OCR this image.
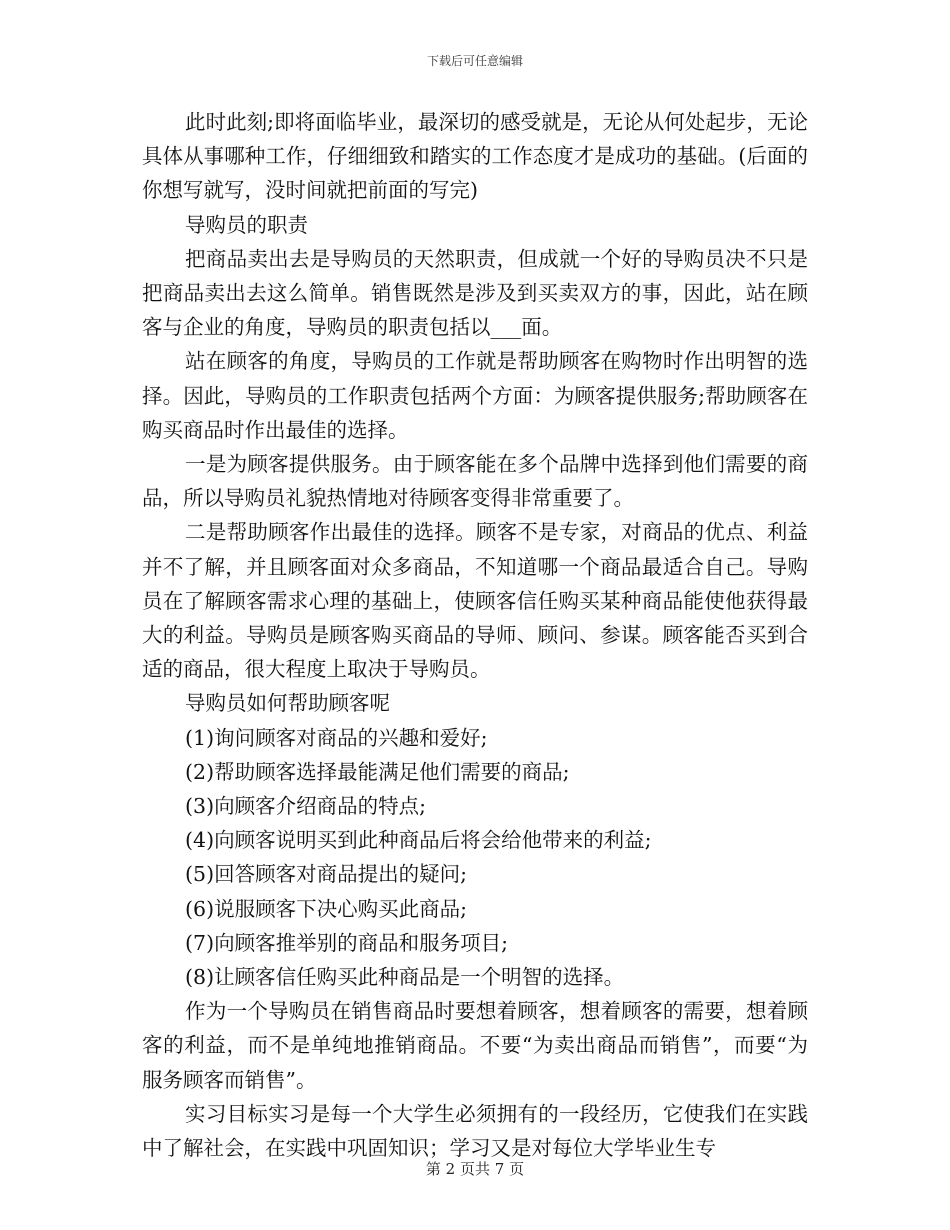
下载后可任意编辑

此时此刻;即将面临毕业，最深切的感受就是，无论从何处起步，无论具体从事哪种工作，仔细细致和踏实的工作态度才是成功的基础。(后面的你想写就写，没时间就把前面的写完)

导购员的职责

把商品卖出去是导购员的天然职责，但成就一个好的导购员决不只是把商品卖出去这么简单。销售既然是涉及到买卖双方的事，因此，站在顾客与企业的角度，导购员的职责包括以___面。

站在顾客的角度，导购员的工作就是帮助顾客在购物时作出明智的选择。因此，导购员的工作职责包括两个方面：为顾客提供服务;帮助顾客在购买商品时作出最佳的选择。

一是为顾客提供服务。由于顾客能在多个品牌中选择到他们需要的商品，所以导购员礼貌热情地对待顾客变得非常重要了。

二是帮助顾客作出最佳的选择。顾客不是专家，对商品的优点、利益并不了解，并且顾客面对众多商品，不知道哪一个商品最适合自己。导购员在了解顾客需求心理的基础上，使顾客信任购买某种商品能使他获得最大的利益。导购员是顾客购买商品的导师、顾问、参谋。顾客能否买到合适的商品，很大程度上取决于导购员。

导购员如何帮助顾客呢

(1)询问顾客对商品的兴趣和爱好;

(2)帮助顾客选择最能满足他们需要的商品;

(3)向顾客介绍商品的特点;

(4)向顾客说明买到此种商品后将会给他带来的利益;

(5)回答顾客对商品提出的疑问;

(6)说服顾客下决心购买此商品;

(7)向顾客推举别的商品和服务项目;

(8)让顾客信任购买此种商品是一个明智的选择。

作为一个导购员在销售商品时要想着顾客，想着顾客的需要，想着顾客的利益，而不是单纯地推销商品。不要“为卖出商品而销售”，而要“为服务顾客而销售”。

实习目标实习是每一个大学生必须拥有的一段经历，它使我们在实践中了解社会，在实践中巩固知识；学习又是对每位大学毕业生专

第 2 页共 7 页
